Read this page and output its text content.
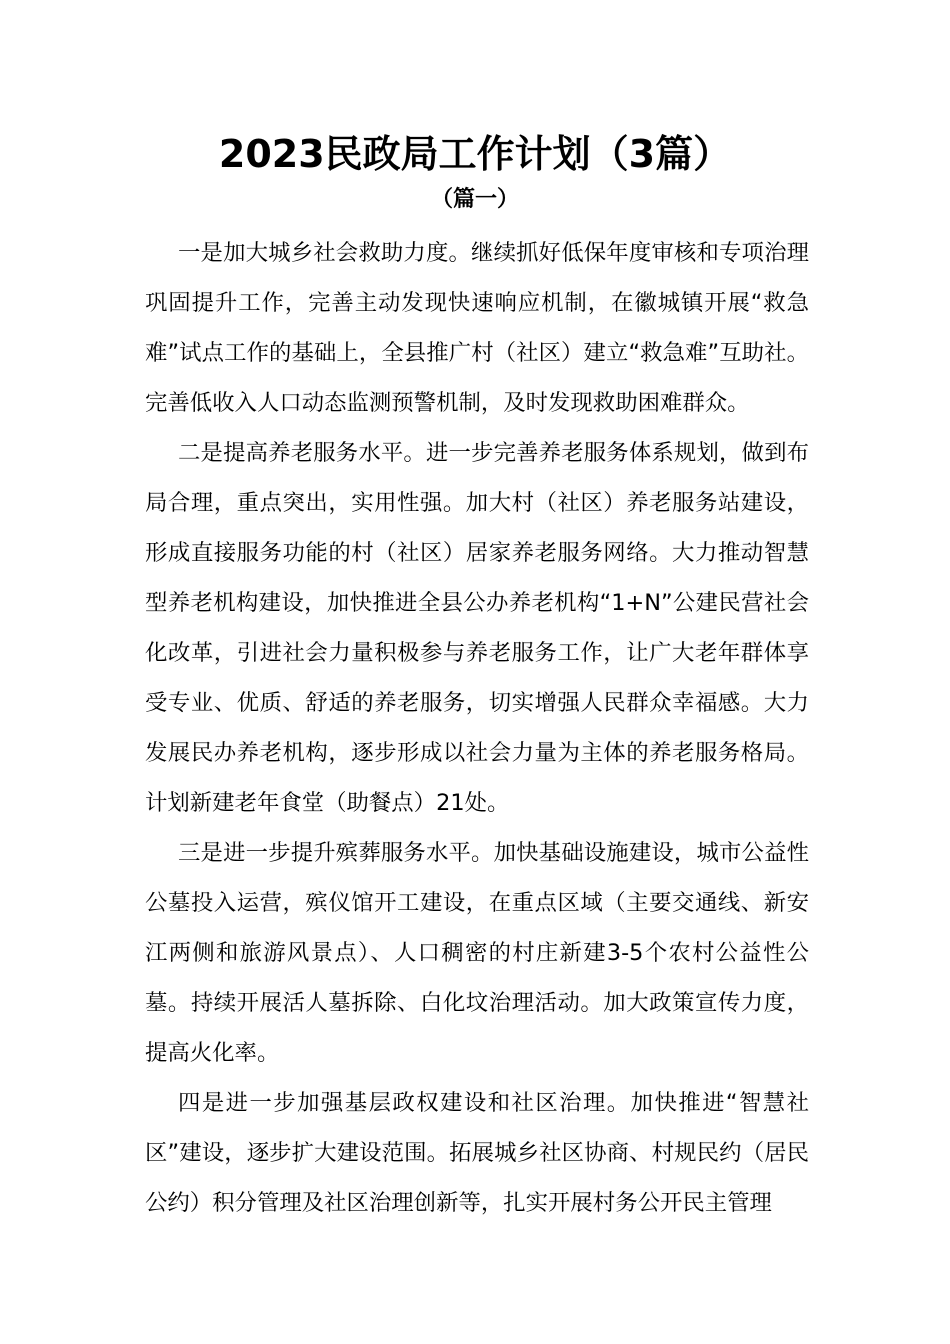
2023民政局工作计划（3篇）
（篇一）

一是加大城乡社会救助力度。继续抓好低保年度审核和专项治理巩固提升工作，完善主动发现快速响应机制，在徽城镇开展“救急难”试点工作的基础上，全县推广村（社区）建立“救急难”互助社。完善低收入人口动态监测预警机制，及时发现救助困难群众。

二是提高养老服务水平。进一步完善养老服务体系规划，做到布局合理，重点突出，实用性强。加大村（社区）养老服务站建设，形成直接服务功能的村（社区）居家养老服务网络。大力推动智慧型养老机构建设，加快推进全县公办养老机构“1+N”公建民营社会化改革，引进社会力量积极参与养老服务工作，让广大老年群体享受专业、优质、舒适的养老服务，切实增强人民群众幸福感。大力发展民办养老机构，逐步形成以社会力量为主体的养老服务格局。计划新建老年食堂（助餐点）21处。

三是进一步提升殡葬服务水平。加快基础设施建设，城市公益性公墓投入运营，殡仪馆开工建设，在重点区域（主要交通线、新安江两侧和旅游风景点）、人口稠密的村庄新建3-5个农村公益性公墓。持续开展活人墓拆除、白化坟治理活动。加大政策宣传力度，提高火化率。

四是进一步加强基层政权建设和社区治理。加快推进“智慧社区”建设，逐步扩大建设范围。拓展城乡社区协商、村规民约（居民公约）积分管理及社区治理创新等，扎实开展村务公开民主管理
